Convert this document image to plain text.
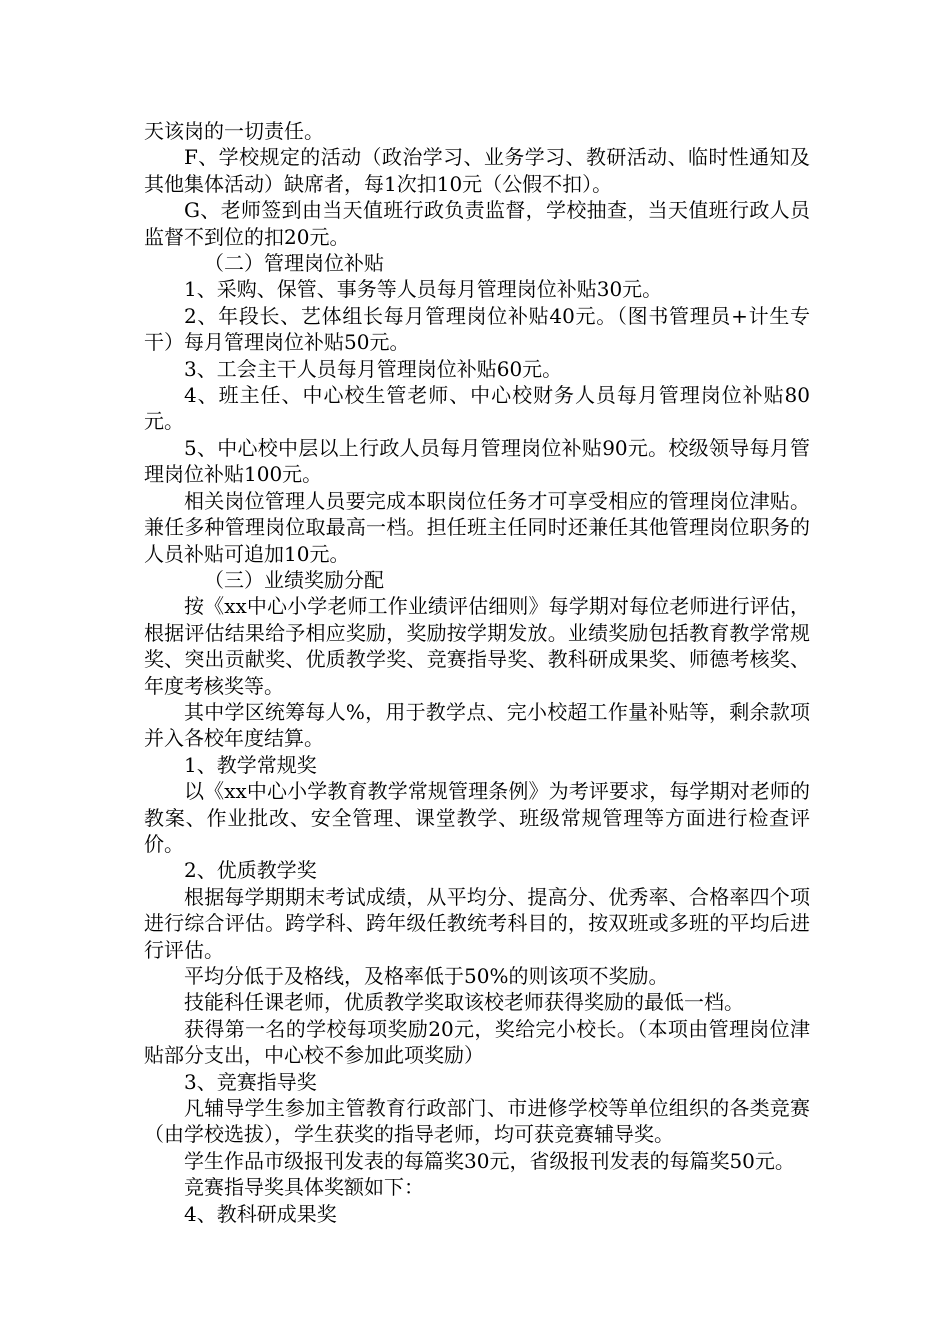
天该岗的一切责任。

F、学校规定的活动（政治学习、业务学习、教研活动、临时性通知及其他集体活动）缺席者，每1次扣10元（公假不扣）。

G、老师签到由当天值班行政负责监督，学校抽查，当天值班行政人员监督不到位的扣20元。

（二）管理岗位补贴

1、采购、保管、事务等人员每月管理岗位补贴30元。

2、年段长、艺体组长每月管理岗位补贴40元。（图书管理员+计生专干）每月管理岗位补贴50元。

3、工会主干人员每月管理岗位补贴60元。

4、班主任、中心校生管老师、中心校财务人员每月管理岗位补贴80元。

5、中心校中层以上行政人员每月管理岗位补贴90元。校级领导每月管理岗位补贴100元。

相关岗位管理人员要完成本职岗位任务才可享受相应的管理岗位津贴。兼任多种管理岗位取最高一档。担任班主任同时还兼任其他管理岗位职务的人员补贴可追加10元。

（三）业绩奖励分配

按《xx中心小学老师工作业绩评估细则》每学期对每位老师进行评估，根据评估结果给予相应奖励，奖励按学期发放。业绩奖励包括教育教学常规奖、突出贡献奖、优质教学奖、竞赛指导奖、教科研成果奖、师德考核奖、年度考核奖等。

其中学区统筹每人%，用于教学点、完小校超工作量补贴等，剩余款项并入各校年度结算。

1、教学常规奖

以《xx中心小学教育教学常规管理条例》为考评要求，每学期对老师的教案、作业批改、安全管理、课堂教学、班级常规管理等方面进行检查评价。

2、优质教学奖

根据每学期期末考试成绩，从平均分、提高分、优秀率、合格率四个项进行综合评估。跨学科、跨年级任教统考科目的，按双班或多班的平均后进行评估。

平均分低于及格线，及格率低于50%的则该项不奖励。

技能科任课老师，优质教学奖取该校老师获得奖励的最低一档。

获得第一名的学校每项奖励20元，奖给完小校长。（本项由管理岗位津贴部分支出，中心校不参加此项奖励）

3、竞赛指导奖

凡辅导学生参加主管教育行政部门、市进修学校等单位组织的各类竞赛（由学校选拔），学生获奖的指导老师，均可获竞赛辅导奖。

学生作品市级报刊发表的每篇奖30元，省级报刊发表的每篇奖50元。

竞赛指导奖具体奖额如下：

4、教科研成果奖
